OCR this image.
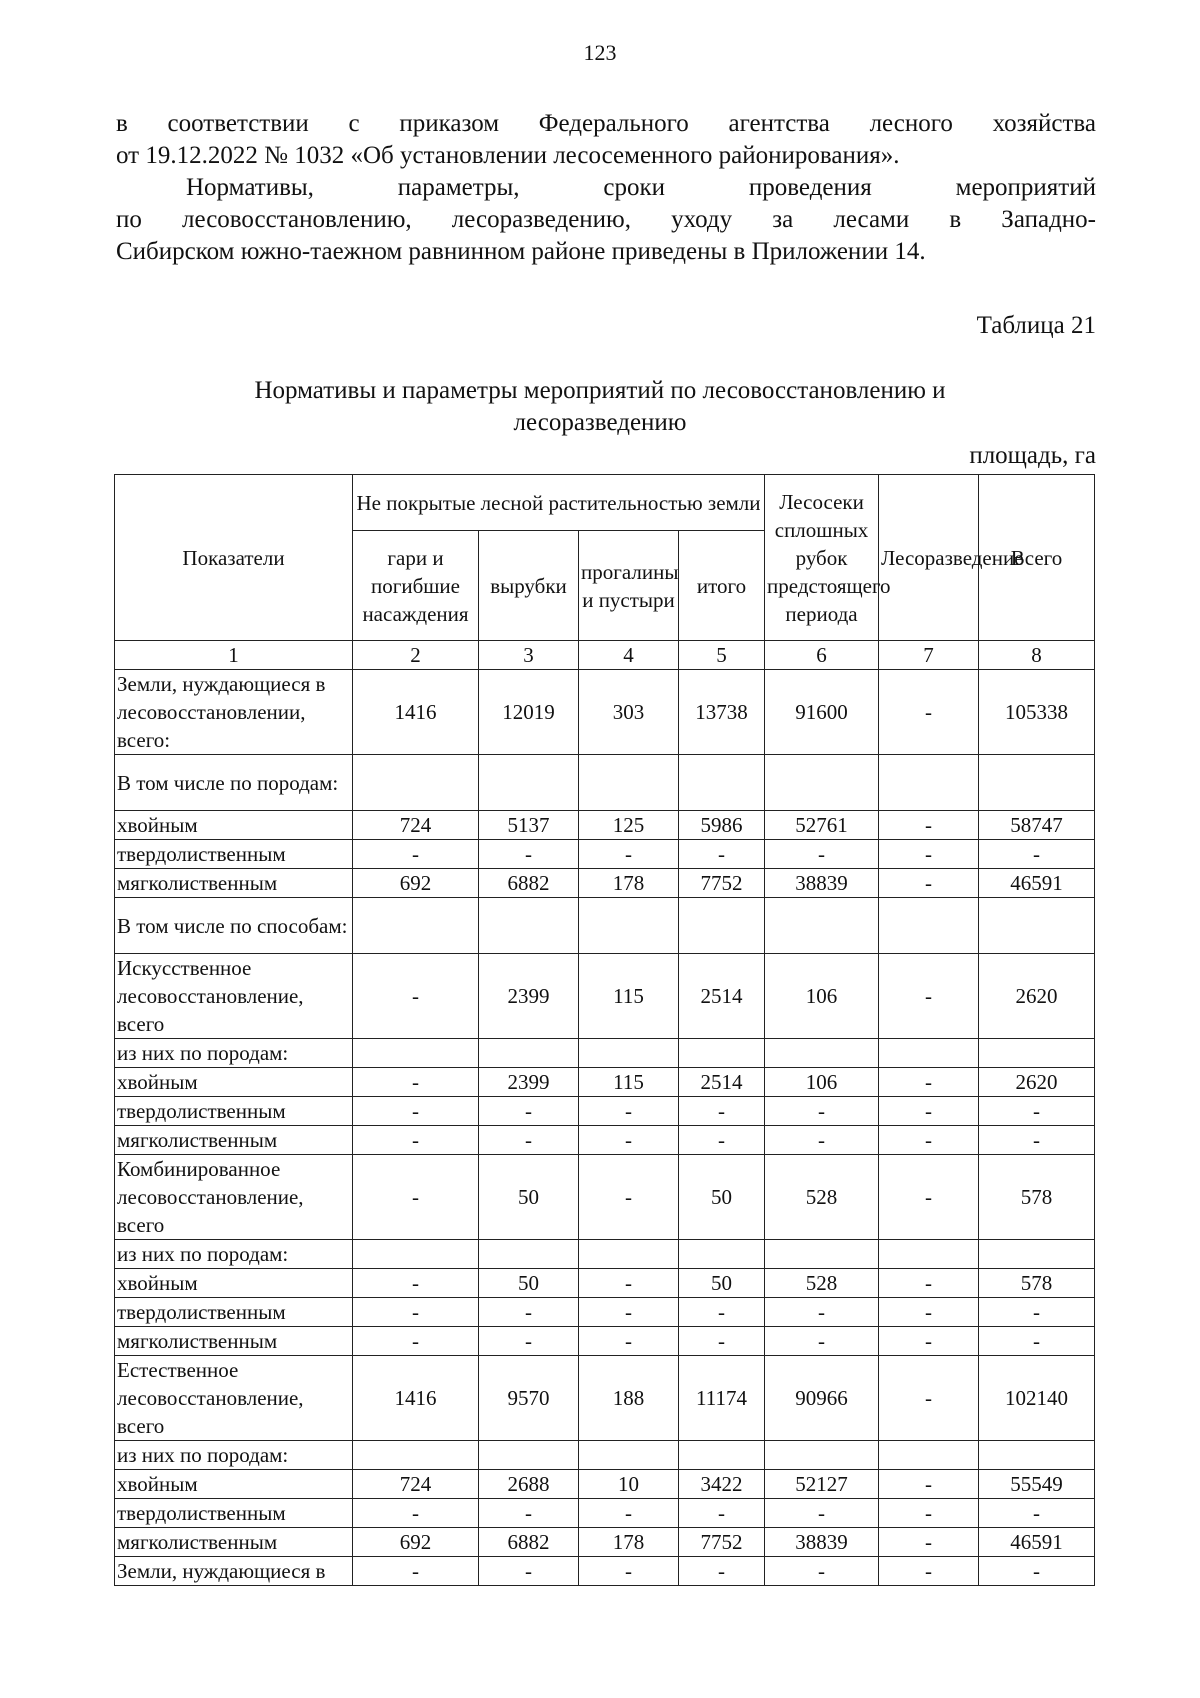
123
в соответствии с приказом Федерального агентства лесного хозяйства
от 19.12.2022 № 1032 «Об установлении лесосеменного районирования».
Нормативы, параметры, сроки проведения мероприятий
по лесовосстановлению, лесоразведению, уходу за лесами в Западно-
Сибирском южно-таежном равнинном районе приведены в Приложении 14.
Таблица 21
Нормативы и параметры мероприятий по лесовосстановлению и
лесоразведению
площадь, га
Показатели	Не покрытые лесной растительностью земли				Лесосеки сплошных рубок предстоящего периода	Лесоразведение	Всего
	гари и погибшие насаждения	вырубки	прогалины и пустыри	итого			
1	2	3	4	5	6	7	8
Земли, нуждающиеся в лесовосстановлении, всего:	1416	12019	303	13738	91600	-	105338
В том числе по породам:							
хвойным	724	5137	125	5986	52761	-	58747
твердолиственным	-	-	-	-	-	-	-
мягколиственным	692	6882	178	7752	38839	-	46591
В том числе по способам:							
Искусственное лесовосстановление, всего	-	2399	115	2514	106	-	2620
из них по породам:							
хвойным	-	2399	115	2514	106	-	2620
твердолиственным	-	-	-	-	-	-	-
мягколиственным	-	-	-	-	-	-	-
Комбинированное лесовосстановление, всего	-	50	-	50	528	-	578
из них по породам:							
хвойным	-	50	-	50	528	-	578
твердолиственным	-	-	-	-	-	-	-
мягколиственным	-	-	-	-	-	-	-
Естественное лесовосстановление, всего	1416	9570	188	11174	90966	-	102140
из них по породам:							
хвойным	724	2688	10	3422	52127	-	55549
твердолиственным	-	-	-	-	-	-	-
мягколиственным	692	6882	178	7752	38839	-	46591
Земли, нуждающиеся в	-	-	-	-	-	-	-
